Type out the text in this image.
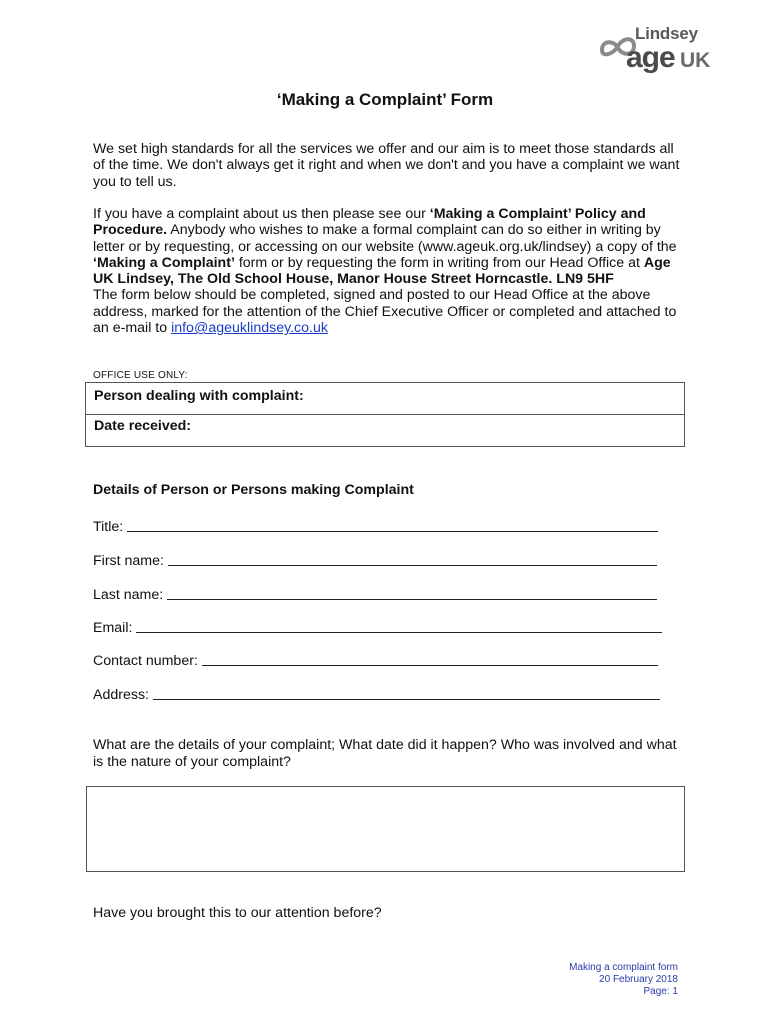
Lindsey
age UK
‘Making a Complaint’ Form

We set high standards for all the services we offer and our aim is to meet those standards all of the time. We don't always get it right and when we don't and you have a complaint we want you to tell us.

If you have a complaint about us then please see our ‘Making a Complaint’ Policy and Procedure. Anybody who wishes to make a formal complaint can do so either in writing by letter or by requesting, or accessing on our website (www.ageuk.org.uk/lindsey) a copy of the ‘Making a Complaint’ form or by requesting the form in writing from our Head Office at Age UK Lindsey, The Old School House, Manor House Street Horncastle. LN9 5HF
The form below should be completed, signed and posted to our Head Office at the above address, marked for the attention of the Chief Executive Officer or completed and attached to an e-mail to info@ageuklindsey.co.uk

OFFICE USE ONLY:
Person dealing with complaint:
Date received:
Details of Person or Persons making Complaint
Title:
First name:
Last name:
Email:
Contact number:
Address:
What are the details of your complaint; What date did it happen? Who was involved and what is the nature of your complaint?
Have you brought this to our attention before?
Making a complaint form
20 February 2018
Page: 1
